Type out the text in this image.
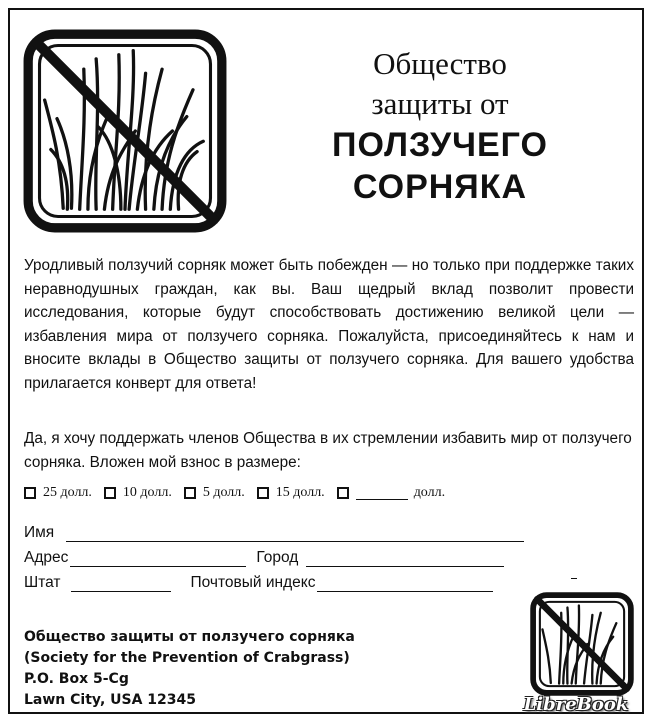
Общество
защиты от
ПОЛЗУЧЕГО
СОРНЯКА
Уродливый ползучий сорняк может быть побежден — но только при поддержке таких неравнодушных граждан, как вы. Ваш щедрый вклад позволит провести исследования, которые будут способствовать достижению великой цели — избавления мира от ползучего сорняка. Пожалуйста, присоединяйтесь к нам и вносите вклады в Общество защиты от ползучего сорняка. Для вашего удобства прилагается конверт для ответа!
Да, я хочу поддержать членов Общества в их стремлении избавить мир от ползучего сорняка. Вложен мой взнос в размере:
25 долл. 10 долл. 5 долл. 15 долл.	долл.
Имя
Адрес	Город
Штат	Почтовый индекс
Общество защиты от ползучего сорняка
(Society for the Prevention of Crabgrass)
P.O. Box 5-Cg
Lawn City, USA 12345	LibreBook
